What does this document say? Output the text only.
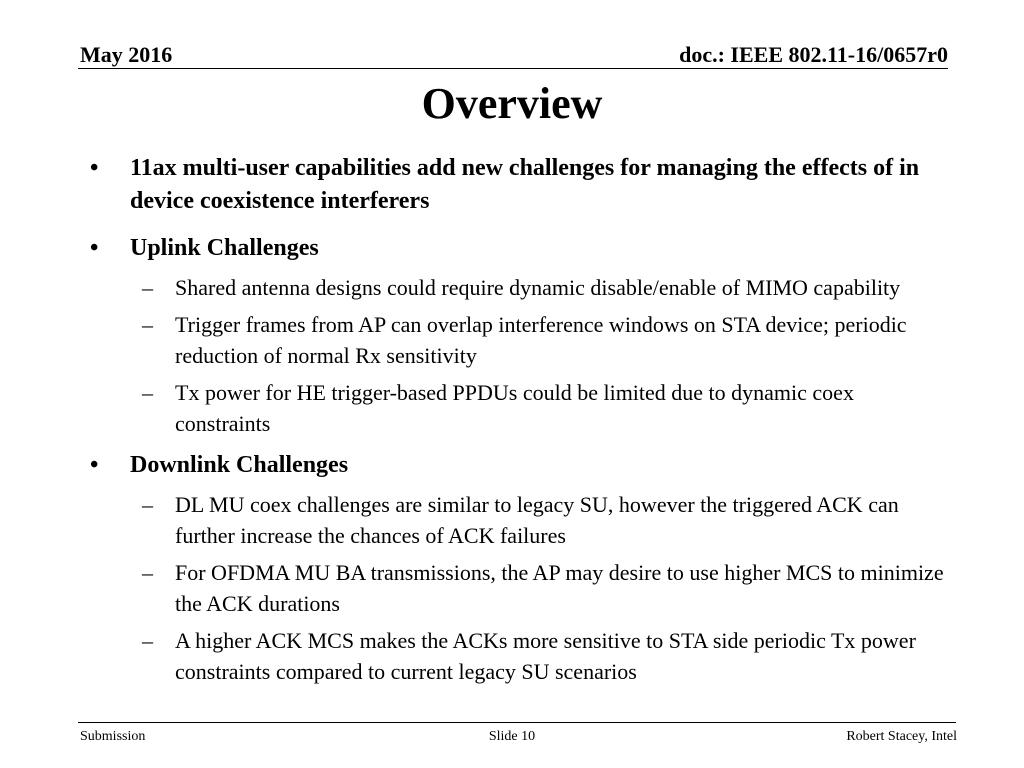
May 2016	doc.: IEEE 802.11-16/0657r0
Overview
• 11ax multi-user capabilities add new challenges for managing the effects of in device coexistence interferers
• Uplink Challenges
– Shared antenna designs could require dynamic disable/enable of MIMO capability
– Trigger frames from AP can overlap interference windows on STA device; periodic reduction of normal Rx sensitivity
– Tx power for HE trigger-based PPDUs could be limited due to dynamic coex constraints
• Downlink Challenges
– DL MU coex challenges are similar to legacy SU, however the triggered ACK can further increase the chances of ACK failures
– For OFDMA MU BA transmissions, the AP may desire to use higher MCS to minimize the ACK durations
– A higher ACK MCS makes the ACKs more sensitive to STA side periodic Tx power constraints compared to current legacy SU scenarios
Submission	Slide 10	Robert Stacey, Intel
